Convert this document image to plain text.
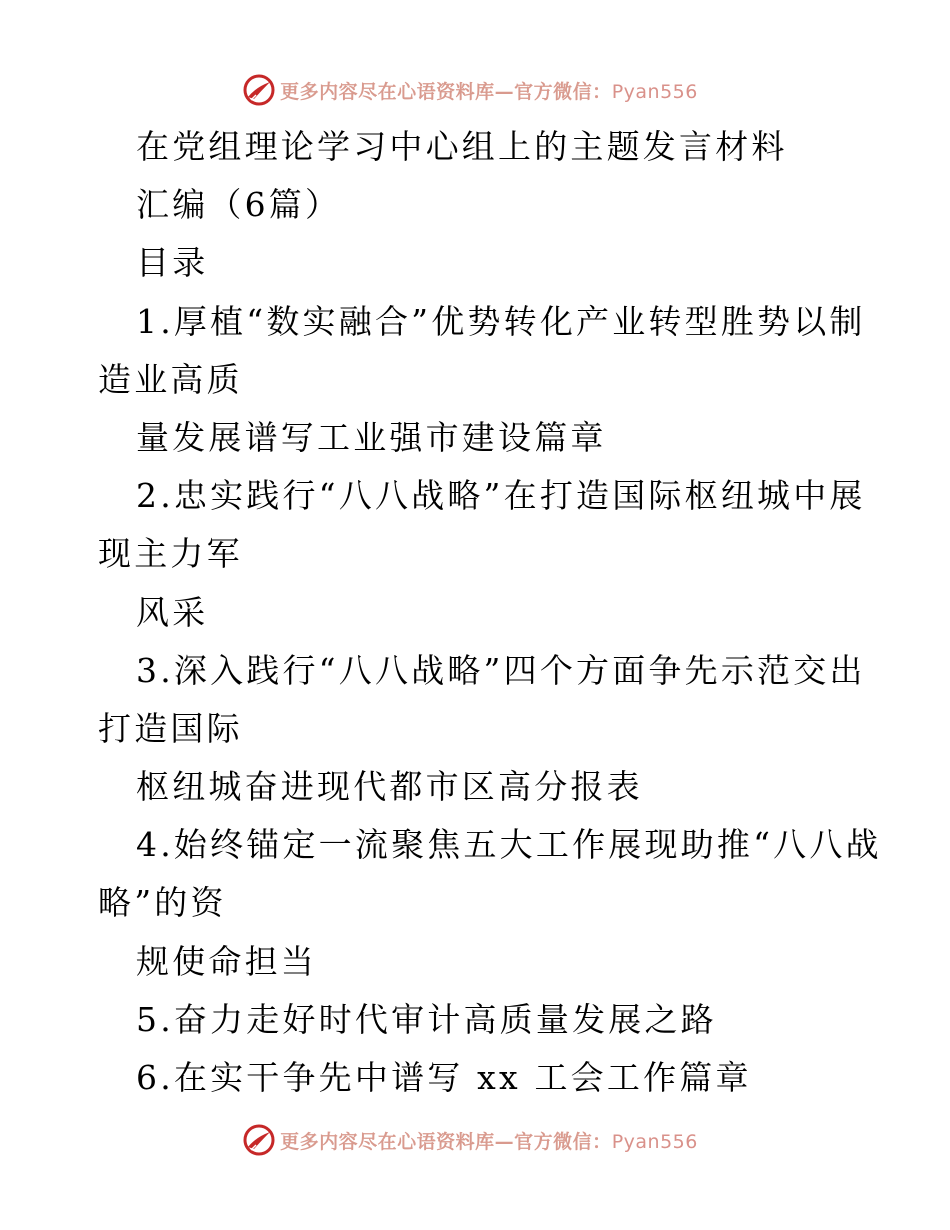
更多内容尽在心语资料库—官方微信：Pyan556
在党组理论学习中心组上的主题发言材料
汇编（6篇）
目录
1.厚植“数实融合”优势转化产业转型胜势以制
造业高质
量发展谱写工业强市建设篇章
2.忠实践行“八八战略”在打造国际枢纽城中展
现主力军
风采
3.深入践行“八八战略”四个方面争先示范交出
打造国际
枢纽城奋进现代都市区高分报表
4.始终锚定一流聚焦五大工作展现助推“八八战
略”的资
规使命担当
5.奋力走好时代审计高质量发展之路
6.在实干争先中谱写 xx 工会工作篇章
更多内容尽在心语资料库—官方微信：Pyan556
